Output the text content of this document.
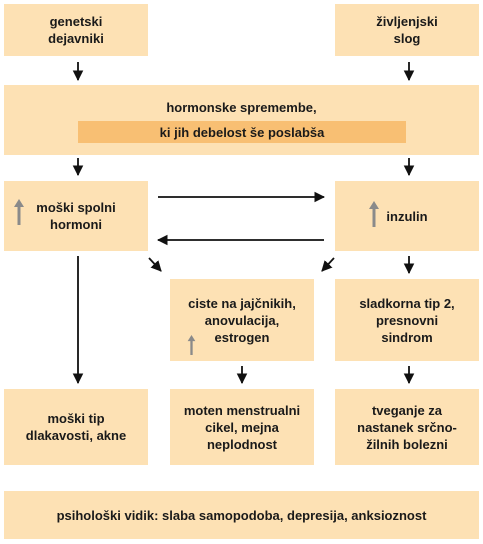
genetski
dejavniki
življenjski
slog
hormonske spremembe,
ki jih debelost še poslabša
moški spolni
hormoni
inzulin
ciste na jajčnikih,
anovulacija,
estrogen
sladkorna tip 2,
presnovni
sindrom
moški tip
dlakavosti, akne
moten menstrualni
cikel, mejna
neplodnost
tveganje za
nastanek srčno-
žilnih bolezni
psihološki vidik: slaba samopodoba, depresija, anksioznost
